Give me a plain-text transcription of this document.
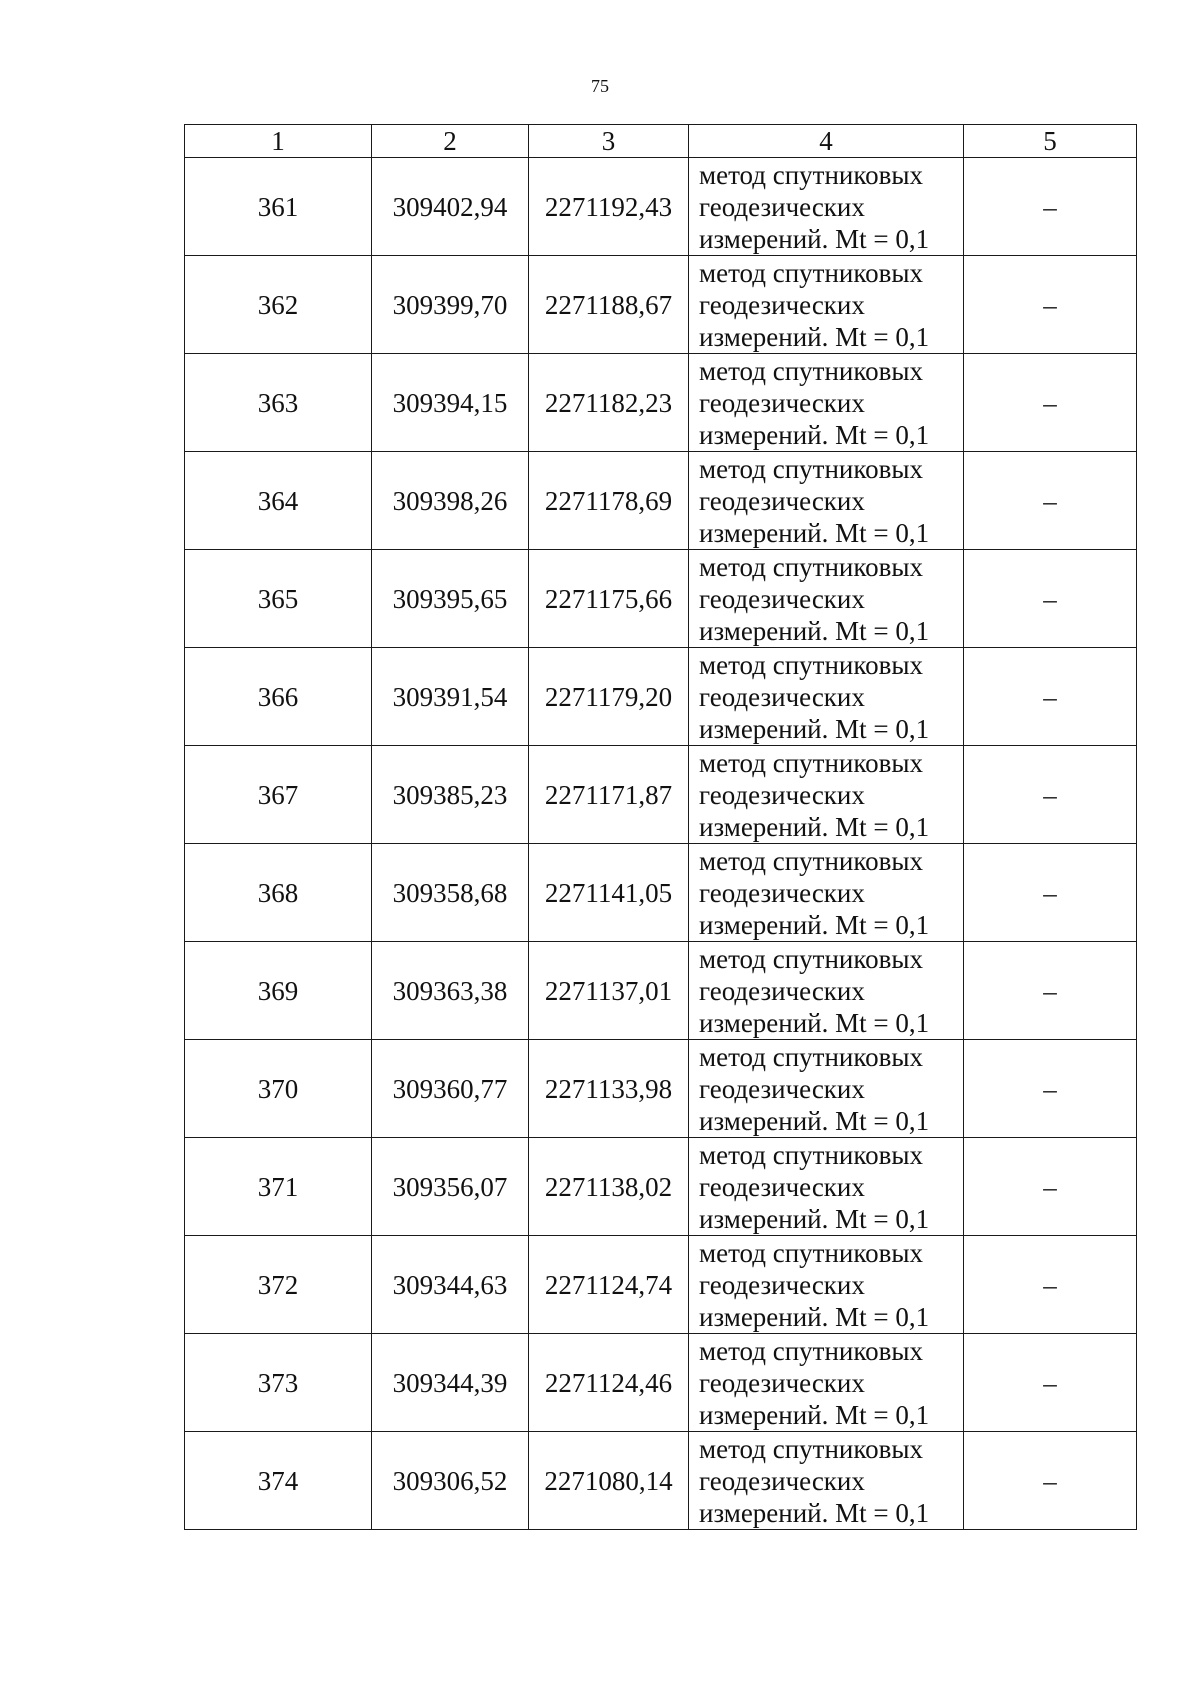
75
1	2	3	4	5
361	309402,94	2271192,43	метод спутниковых
геодезических
измерений. Mt = 0,1	–
362	309399,70	2271188,67	метод спутниковых
геодезических
измерений. Mt = 0,1	–
363	309394,15	2271182,23	метод спутниковых
геодезических
измерений. Mt = 0,1	–
364	309398,26	2271178,69	метод спутниковых
геодезических
измерений. Mt = 0,1	–
365	309395,65	2271175,66	метод спутниковых
геодезических
измерений. Mt = 0,1	–
366	309391,54	2271179,20	метод спутниковых
геодезических
измерений. Mt = 0,1	–
367	309385,23	2271171,87	метод спутниковых
геодезических
измерений. Mt = 0,1	–
368	309358,68	2271141,05	метод спутниковых
геодезических
измерений. Mt = 0,1	–
369	309363,38	2271137,01	метод спутниковых
геодезических
измерений. Mt = 0,1	–
370	309360,77	2271133,98	метод спутниковых
геодезических
измерений. Mt = 0,1	–
371	309356,07	2271138,02	метод спутниковых
геодезических
измерений. Mt = 0,1	–
372	309344,63	2271124,74	метод спутниковых
геодезических
измерений. Mt = 0,1	–
373	309344,39	2271124,46	метод спутниковых
геодезических
измерений. Mt = 0,1	–
374	309306,52	2271080,14	метод спутниковых
геодезических
измерений. Mt = 0,1	–
